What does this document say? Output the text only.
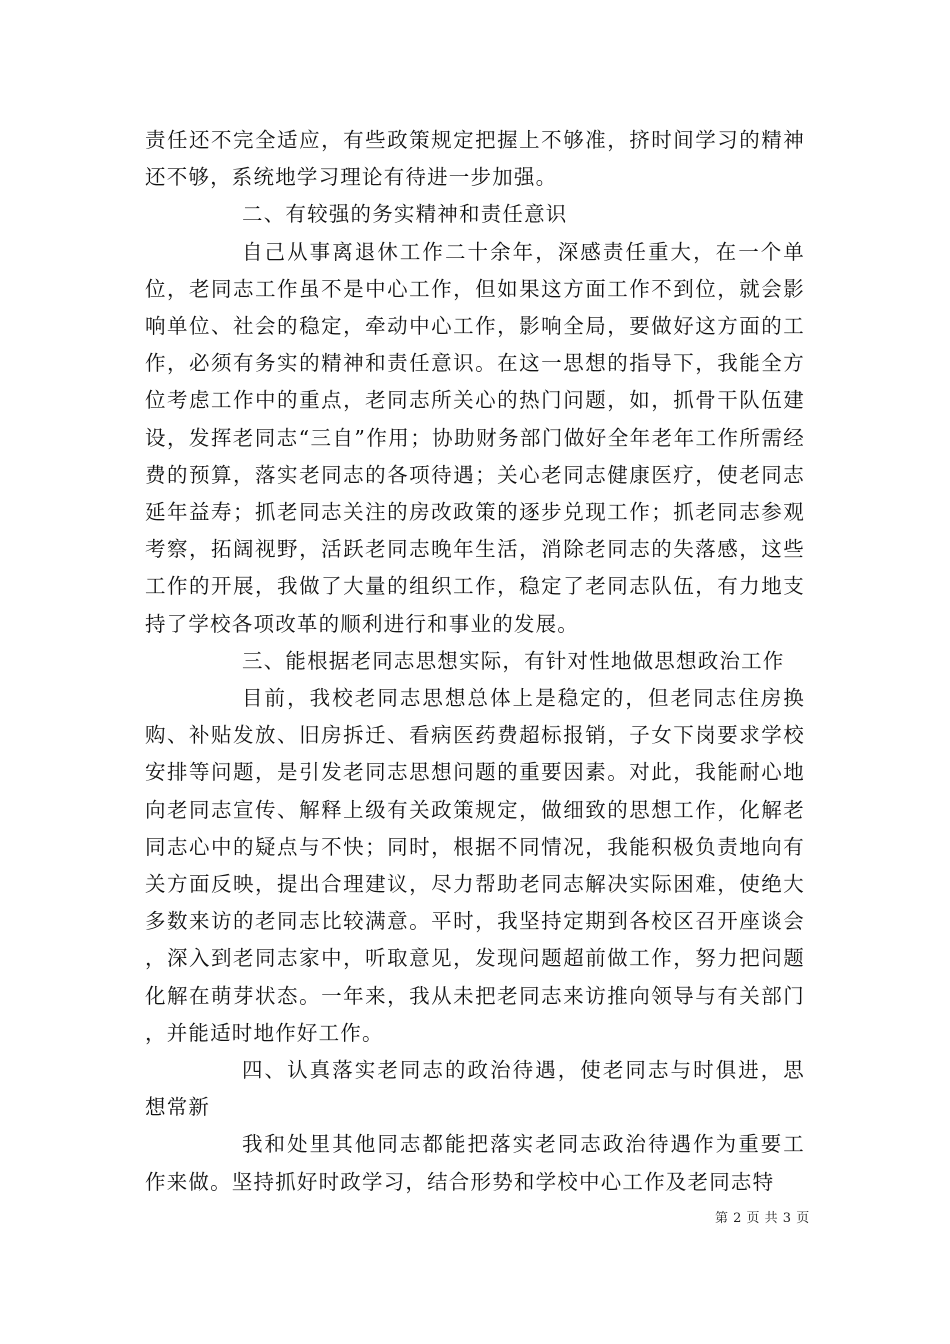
责任还不完全适应，有些政策规定把握上不够准，挤时间学习的精神还不够，系统地学习理论有待进一步加强。

二、有较强的务实精神和责任意识

自己从事离退休工作二十余年，深感责任重大，在一个单位，老同志工作虽不是中心工作，但如果这方面工作不到位，就会影响单位、社会的稳定，牵动中心工作，影响全局，要做好这方面的工作，必须有务实的精神和责任意识。在这一思想的指导下，我能全方位考虑工作中的重点，老同志所关心的热门问题，如，抓骨干队伍建设，发挥老同志“三自”作用；协助财务部门做好全年老年工作所需经费的预算，落实老同志的各项待遇；关心老同志健康医疗，使老同志延年益寿；抓老同志关注的房改政策的逐步兑现工作；抓老同志参观考察，拓阔视野，活跃老同志晚年生活，消除老同志的失落感，这些工作的开展，我做了大量的组织工作，稳定了老同志队伍，有力地支持了学校各项改革的顺利进行和事业的发展。

三、能根据老同志思想实际，有针对性地做思想政治工作

目前，我校老同志思想总体上是稳定的，但老同志住房换购、补贴发放、旧房拆迁、看病医药费超标报销，子女下岗要求学校安排等问题，是引发老同志思想问题的重要因素。对此，我能耐心地向老同志宣传、解释上级有关政策规定，做细致的思想工作，化解老同志心中的疑点与不快；同时，根据不同情况，我能积极负责地向有关方面反映，提出合理建议，尽力帮助老同志解决实际困难，使绝大多数来访的老同志比较满意。平时，我坚持定期到各校区召开座谈会，深入到老同志家中，听取意见，发现问题超前做工作，努力把问题化解在萌芽状态。一年来，我从未把老同志来访推向领导与有关部门，并能适时地作好工作。

四、认真落实老同志的政治待遇，使老同志与时俱进，思想常新

我和处里其他同志都能把落实老同志政治待遇作为重要工作来做。坚持抓好时政学习，结合形势和学校中心工作及老同志特

第 2 页 共 3 页
